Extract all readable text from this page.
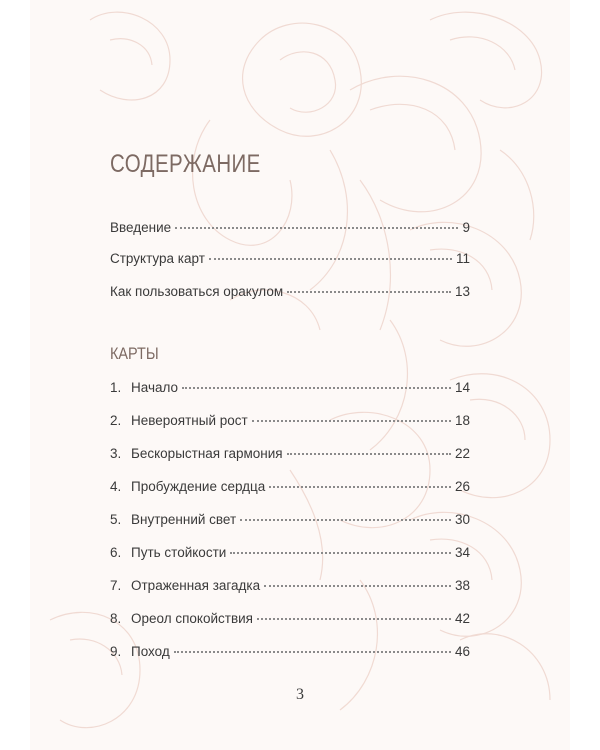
СОДЕРЖАНИЕ
Введение	9
Структура карт	11
Как пользоваться оракулом	13
КАРТЫ
1. Начало	14
2. Невероятный рост	18
3. Бескорыстная гармония	22
4. Пробуждение сердца	26
5. Внутренний свет	30
6. Путь стойкости	34
7. Отраженная загадка	38
8. Ореол спокойствия	42
9. Поход	46
3
